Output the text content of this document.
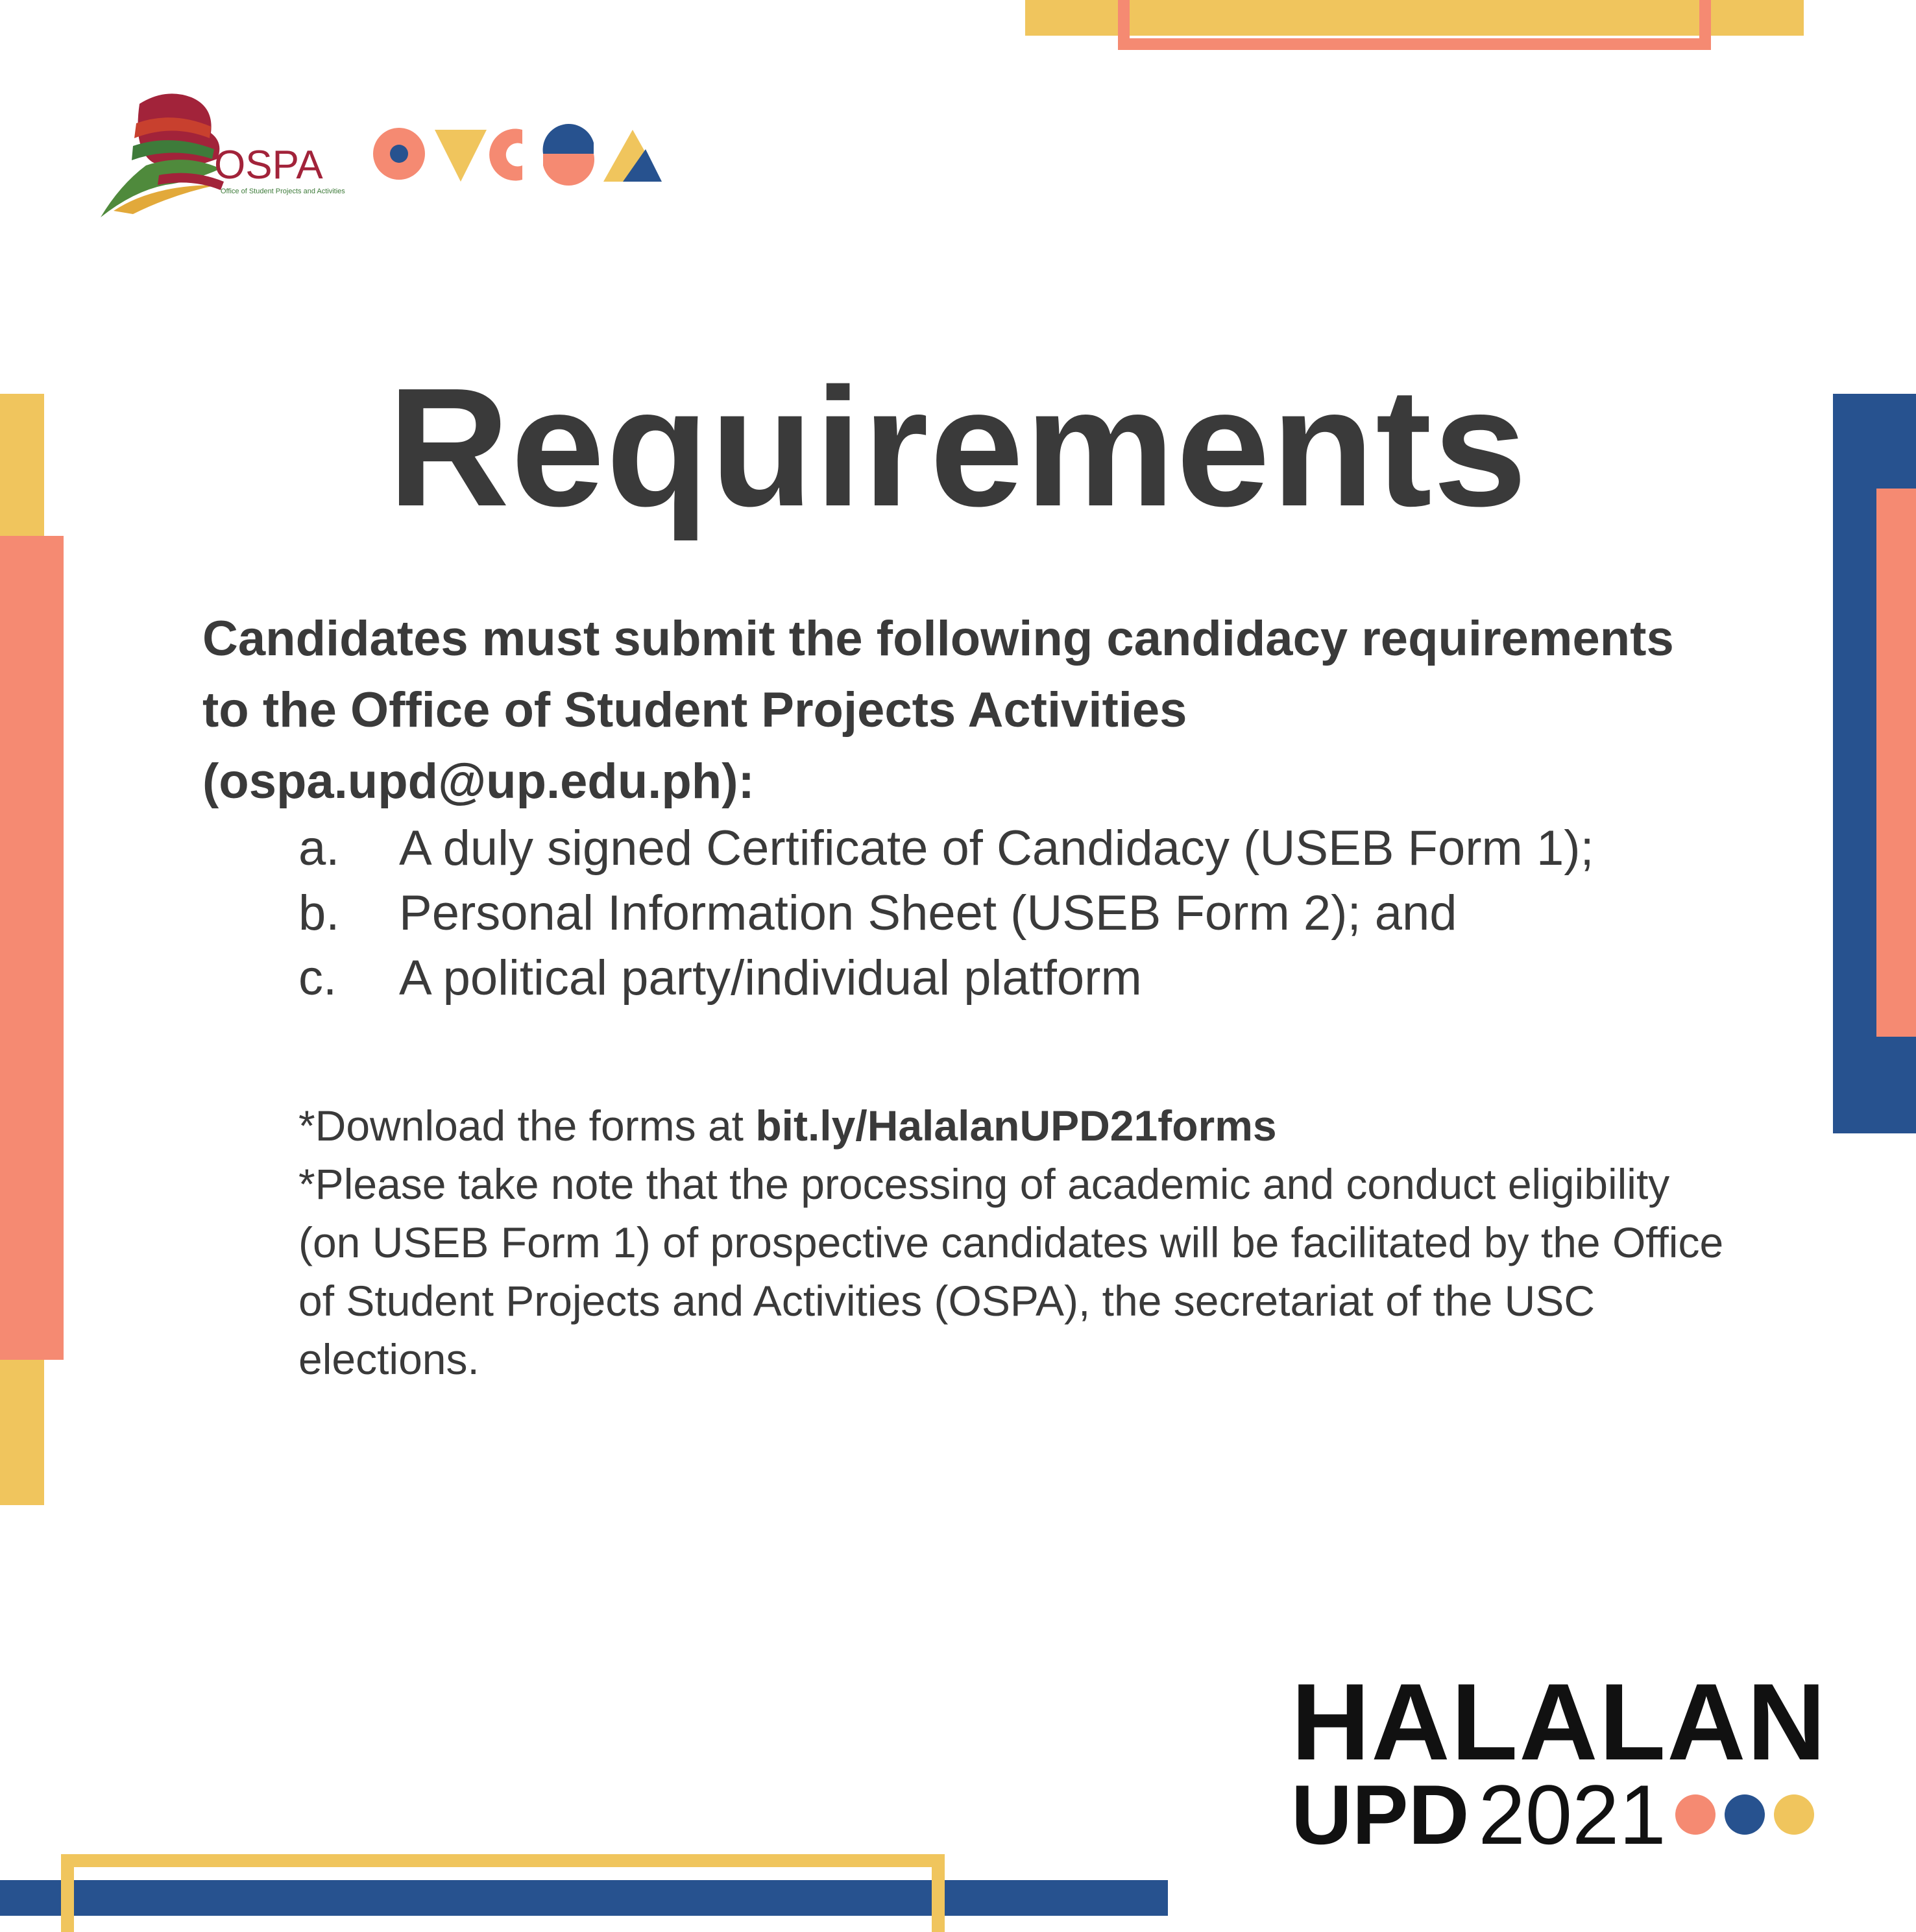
OSPA
Office of Student Projects and Activities
Requirements
Candidates must submit the following candidacy requirements to the Office of Student Projects Activities (ospa.upd@up.edu.ph):
a.	A duly signed Certificate of Candidacy (USEB Form 1);
b.	Personal Information Sheet (USEB Form 2); and
c.	A political party/individual platform

*Download the forms at bit.ly/HalalanUPD21forms

*Please take note that the processing of academic and conduct eligibility (on USEB Form 1) of prospective candidates will be facilitated by the Office of Student Projects and Activities (OSPA), the secretariat of the USC elections.

HALALAN
UPD 2021
